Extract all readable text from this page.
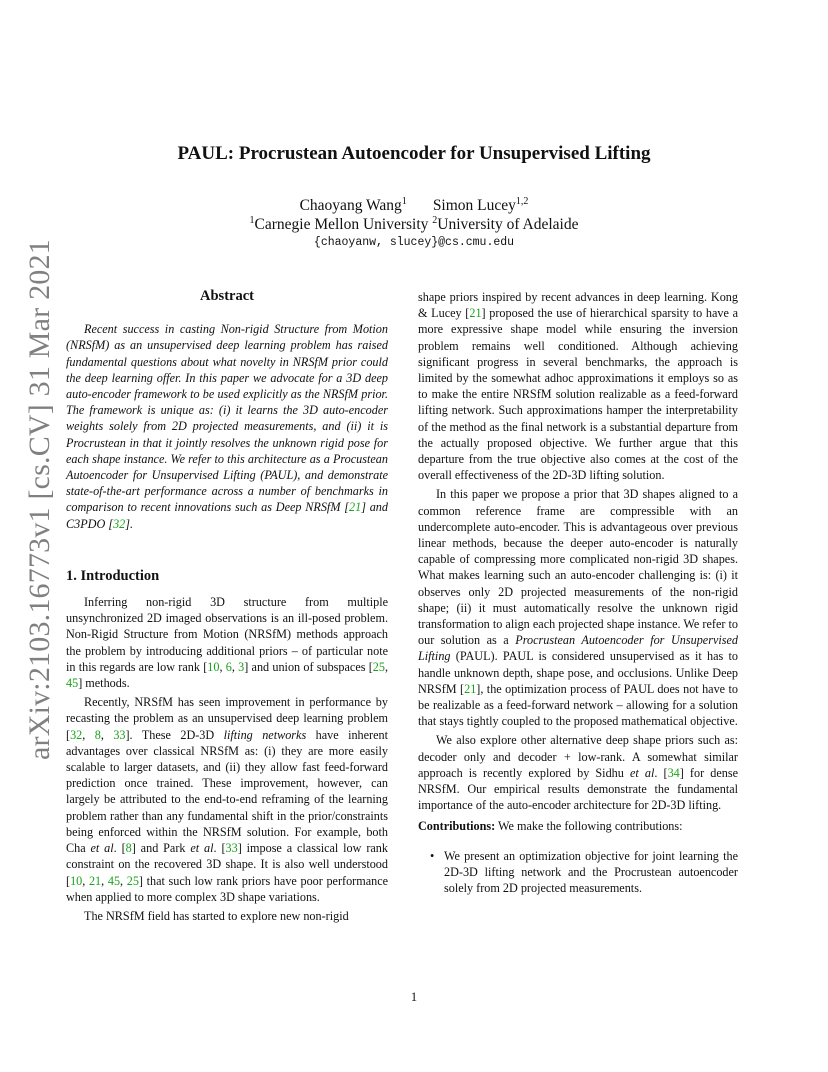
arXiv:2103.16773v1 [cs.CV] 31 Mar 2021
PAUL: Procrustean Autoencoder for Unsupervised Lifting
Chaoyang Wang$^1$ Simon Lucey$^{1,2}$
$^1$Carnegie Mellon University $^2$University of Adelaide
{chaoyanw, slucey}@cs.cmu.edu
Abstract

Recent success in casting Non-rigid Structure from Motion (NRSfM) as an unsupervised deep learning problem has raised fundamental questions about what novelty in NRSfM prior could the deep learning offer. In this paper we advocate for a 3D deep auto-encoder framework to be used explicitly as the NRSfM prior. The framework is unique as: (i) it learns the 3D auto-encoder weights solely from 2D projected measurements, and (ii) it is Procrustean in that it jointly resolves the unknown rigid pose for each shape instance. We refer to this architecture as a Procustean Autoencoder for Unsupervised Lifting (PAUL), and demonstrate state-of-the-art performance across a number of benchmarks in comparison to recent innovations such as Deep NRSfM [21] and C3PDO [32].

1. Introduction

Inferring non-rigid 3D structure from multiple unsynchronized 2D imaged observations is an ill-posed problem. Non-Rigid Structure from Motion (NRSfM) methods approach the problem by introducing additional priors – of particular note in this regards are low rank [10, 6, 3] and union of subspaces [25, 45] methods.

Recently, NRSfM has seen improvement in performance by recasting the problem as an unsupervised deep learning problem [32, 8, 33]. These 2D-3D lifting networks have inherent advantages over classical NRSfM as: (i) they are more easily scalable to larger datasets, and (ii) they allow fast feed-forward prediction once trained. These improvement, however, can largely be attributed to the end-to-end reframing of the learning problem rather than any fundamental shift in the prior/constraints being enforced within the NRSfM solution. For example, both Cha et al. [8] and Park et al. [33] impose a classical low rank constraint on the recovered 3D shape. It is also well understood [10, 21, 45, 25] that such low rank priors have poor performance when applied to more complex 3D shape variations.

The NRSfM field has started to explore new non-rigid

shape priors inspired by recent advances in deep learning. Kong & Lucey [21] proposed the use of hierarchical sparsity to have a more expressive shape model while ensuring the inversion problem remains well conditioned. Although achieving significant progress in several benchmarks, the approach is limited by the somewhat adhoc approximations it employs so as to make the entire NRSfM solution realizable as a feed-forward lifting network. Such approximations hamper the interpretability of the method as the final network is a substantial departure from the actually proposed objective. We further argue that this departure from the true objective also comes at the cost of the overall effectiveness of the 2D-3D lifting solution.

In this paper we propose a prior that 3D shapes aligned to a common reference frame are compressible with an undercomplete auto-encoder. This is advantageous over previous linear methods, because the deeper auto-encoder is naturally capable of compressing more complicated non-rigid 3D shapes. What makes learning such an auto-encoder challenging is: (i) it observes only 2D projected measurements of the non-rigid shape; (ii) it must automatically resolve the unknown rigid transformation to align each projected shape instance. We refer to our solution as a Procrustean Autoencoder for Unsupervised Lifting (PAUL). PAUL is considered unsupervised as it has to handle unknown depth, shape pose, and occlusions. Unlike Deep NRSfM [21], the optimization process of PAUL does not have to be realizable as a feed-forward network – allowing for a solution that stays tightly coupled to the proposed mathematical objective.

We also explore other alternative deep shape priors such as: decoder only and decoder + low-rank. A somewhat similar approach is recently explored by Sidhu et al. [34] for dense NRSfM. Our empirical results demonstrate the fundamental importance of the auto-encoder architecture for 2D-3D lifting.

Contributions: We make the following contributions:

• We present an optimization objective for joint learning the 2D-3D lifting network and the Procrustean autoencoder solely from 2D projected measurements.
1
